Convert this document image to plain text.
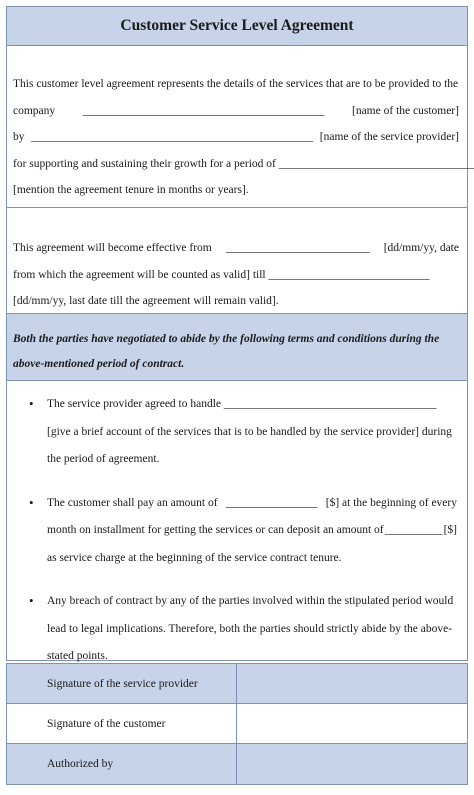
Customer Service Level Agreement
This customer level agreement represents the details of the services that are to be provided to the
company __________________________________________ [name of the customer]
by _________________________________________________ [name of the service provider]
for supporting and sustaining their growth for a period of __________________________________
[mention the agreement tenure in months or years].
This agreement will become effective from _________________________ [dd/mm/yy, date
from which the agreement will be counted as valid] till ____________________________
[dd/mm/yy, last date till the agreement will remain valid].
Both the parties have negotiated to abide by the following terms and conditions during the
above-mentioned period of contract.
• The service provider agreed to handle _____________________________________
[give a brief account of the services that is to be handled by the service provider] during
the period of agreement.
• The customer shall pay an amount of ________________ [$] at the beginning of every
month on installment for getting the services or can deposit an amount of __________ [$]
as service charge at the beginning of the service contract tenure.
• Any breach of contract by any of the parties involved within the stipulated period would
lead to legal implications. Therefore, both the parties should strictly abide by the above-
stated points.
Signature of the service provider
Signature of the customer
Authorized by
